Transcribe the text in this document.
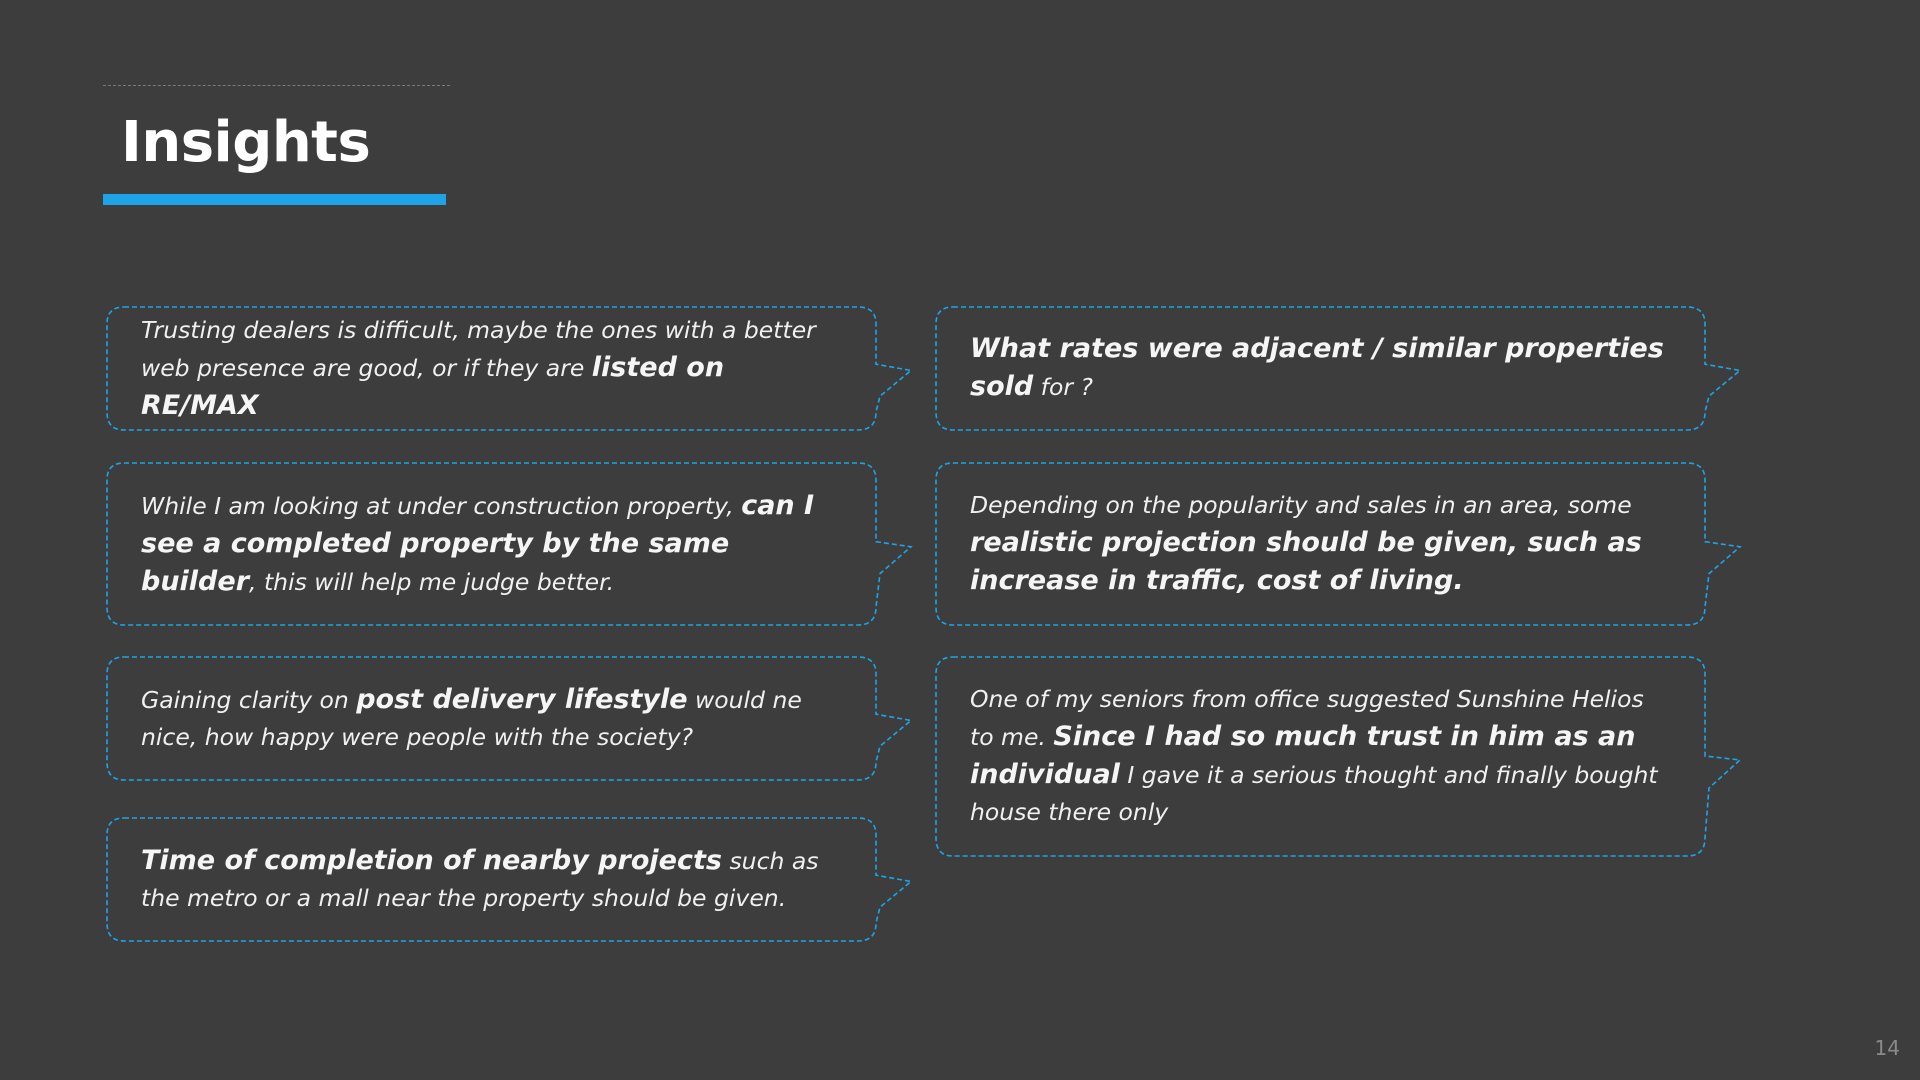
Insights

Trusting dealers is difficult, maybe the ones with a better web presence are good, or if they are listed on RE/MAX

While I am looking at under construction property, can I see a completed property by the same builder, this will help me judge better.

Gaining clarity on post delivery lifestyle would ne nice, how happy were people with the society?

Time of completion of nearby projects such as the metro or a mall near the property should be given.

What rates were adjacent / similar properties sold for ?

Depending on the popularity and sales in an area, some realistic projection should be given, such as increase in traffic, cost of living.

One of my seniors from office suggested Sunshine Helios to me. Since I had so much trust in him as an individual I gave it a serious thought and finally bought house there only

14
